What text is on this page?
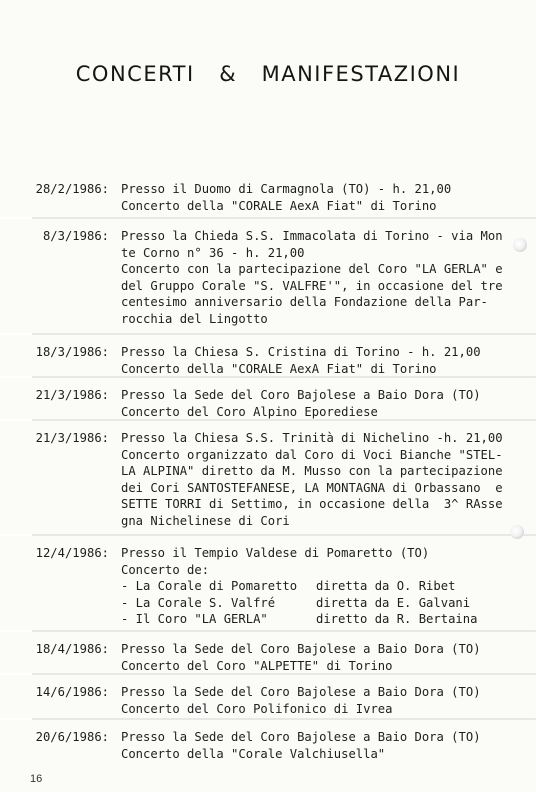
CONCERTI   &   MANIFESTAZIONI
28/2/1986: Presso il Duomo di Carmagnola (TO) - h. 21,00
Concerto della "CORALE AexA Fiat" di Torino
8/3/1986: Presso la Chieda S.S. Immacolata di Torino - via Mon
te Corno n° 36 - h. 21,00
Concerto con la partecipazione del Coro "LA GERLA" e
del Gruppo Corale "S. VALFRE'", in occasione del tre
centesimo anniversario della Fondazione della Par-
rocchia del Lingotto
18/3/1986: Presso la Chiesa S. Cristina di Torino - h. 21,00
Concerto della "CORALE AexA Fiat" di Torino
21/3/1986: Presso la Sede del Coro Bajolese a Baio Dora (TO)
Concerto del Coro Alpino Eporediese
21/3/1986: Presso la Chiesa S.S. Trinità di Nichelino -h. 21,00
Concerto organizzato dal Coro di Voci Bianche "STEL-
LA ALPINA" diretto da M. Musso con la partecipazione
dei Cori SANTOSTEFANESE, LA MONTAGNA di Orbassano  e
SETTE TORRI di Settimo, in occasione della  3^ RAsse
gna Nichelinese di Cori
12/4/1986: Presso il Tempio Valdese di Pomaretto (TO)
Concerto de:
- La Corale di Pomaretto	diretta da O. Ribet
- La Corale S. Valfré	diretta da E. Galvani
- Il Coro "LA GERLA"	diretto da R. Bertaina
18/4/1986: Presso la Sede del Coro Bajolese a Baio Dora (TO)
Concerto del Coro "ALPETTE" di Torino
14/6/1986: Presso la Sede del Coro Bajolese a Baio Dora (TO)
Concerto del Coro Polifonico di Ivrea
20/6/1986: Presso la Sede del Coro Bajolese a Baio Dora (TO)
Concerto della "Corale Valchiusella"
16
